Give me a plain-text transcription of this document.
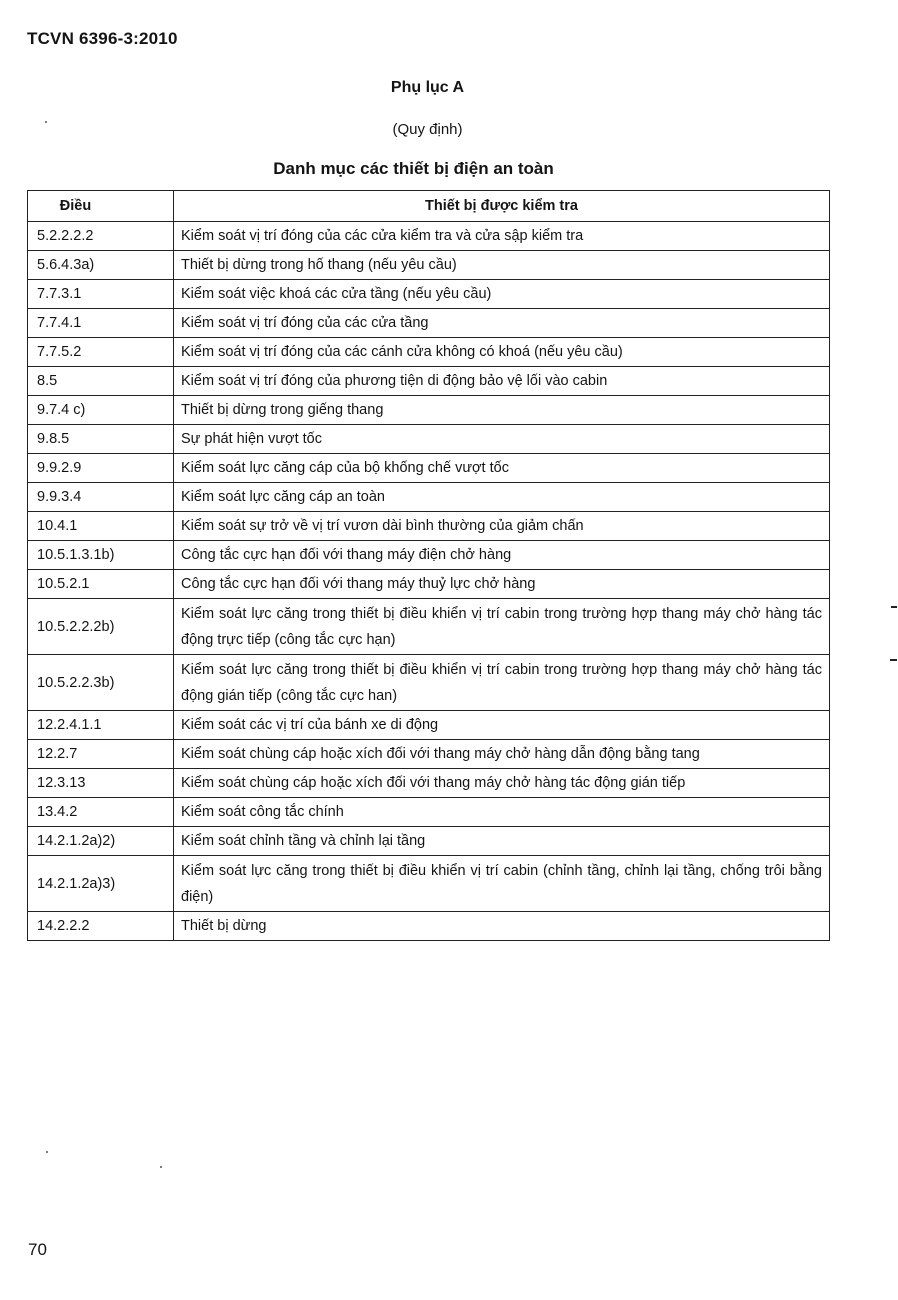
TCVN 6396-3:2010
Phụ lục A
(Quy định)
Danh mục các thiết bị điện an toàn
Điều	Thiết bị được kiểm tra
5.2.2.2.2	Kiểm soát vị trí đóng của các cửa kiểm tra và cửa sập kiểm tra
5.6.4.3a)	Thiết bị dừng trong hố thang (nếu yêu cầu)
7.7.3.1	Kiểm soát việc khoá các cửa tầng (nếu yêu cầu)
7.7.4.1	Kiểm soát vị trí đóng của các cửa tầng
7.7.5.2	Kiểm soát vị trí đóng của các cánh cửa không có khoá (nếu yêu cầu)
8.5	Kiểm soát vị trí đóng của phương tiện di động bảo vệ lối vào cabin
9.7.4 c)	Thiết bị dừng trong giếng thang
9.8.5	Sự phát hiện vượt tốc
9.9.2.9	Kiểm soát lực căng cáp của bộ khống chế vượt tốc
9.9.3.4	Kiểm soát lực căng cáp an toàn
10.4.1	Kiểm soát sự trở về vị trí vươn dài bình thường của giảm chấn
10.5.1.3.1b)	Công tắc cực hạn đối với thang máy điện chở hàng
10.5.2.1	Công tắc cực hạn đối với thang máy thuỷ lực chở hàng
10.5.2.2.2b)	Kiểm soát lực căng trong thiết bị điều khiển vị trí cabin trong trường hợp thang máy chở hàng tác động trực tiếp (công tắc cực hạn)
10.5.2.2.3b)	Kiểm soát lực căng trong thiết bị điều khiển vị trí cabin trong trường hợp thang máy chở hàng tác động gián tiếp (công tắc cực han)
12.2.4.1.1	Kiểm soát các vị trí của bánh xe di động
12.2.7	Kiểm soát chùng cáp hoặc xích đối với thang máy chở hàng dẫn động bằng tang
12.3.13	Kiểm soát chùng cáp hoặc xích đối với thang máy chở hàng tác động gián tiếp
13.4.2	Kiểm soát công tắc chính
14.2.1.2a)2)	Kiểm soát chỉnh tầng và chỉnh lại tầng
14.2.1.2a)3)	Kiểm soát lực căng trong thiết bị điều khiển vị trí cabin (chỉnh tầng, chỉnh lại tầng, chống trôi bằng điện)
14.2.2.2	Thiết bị dừng
70
